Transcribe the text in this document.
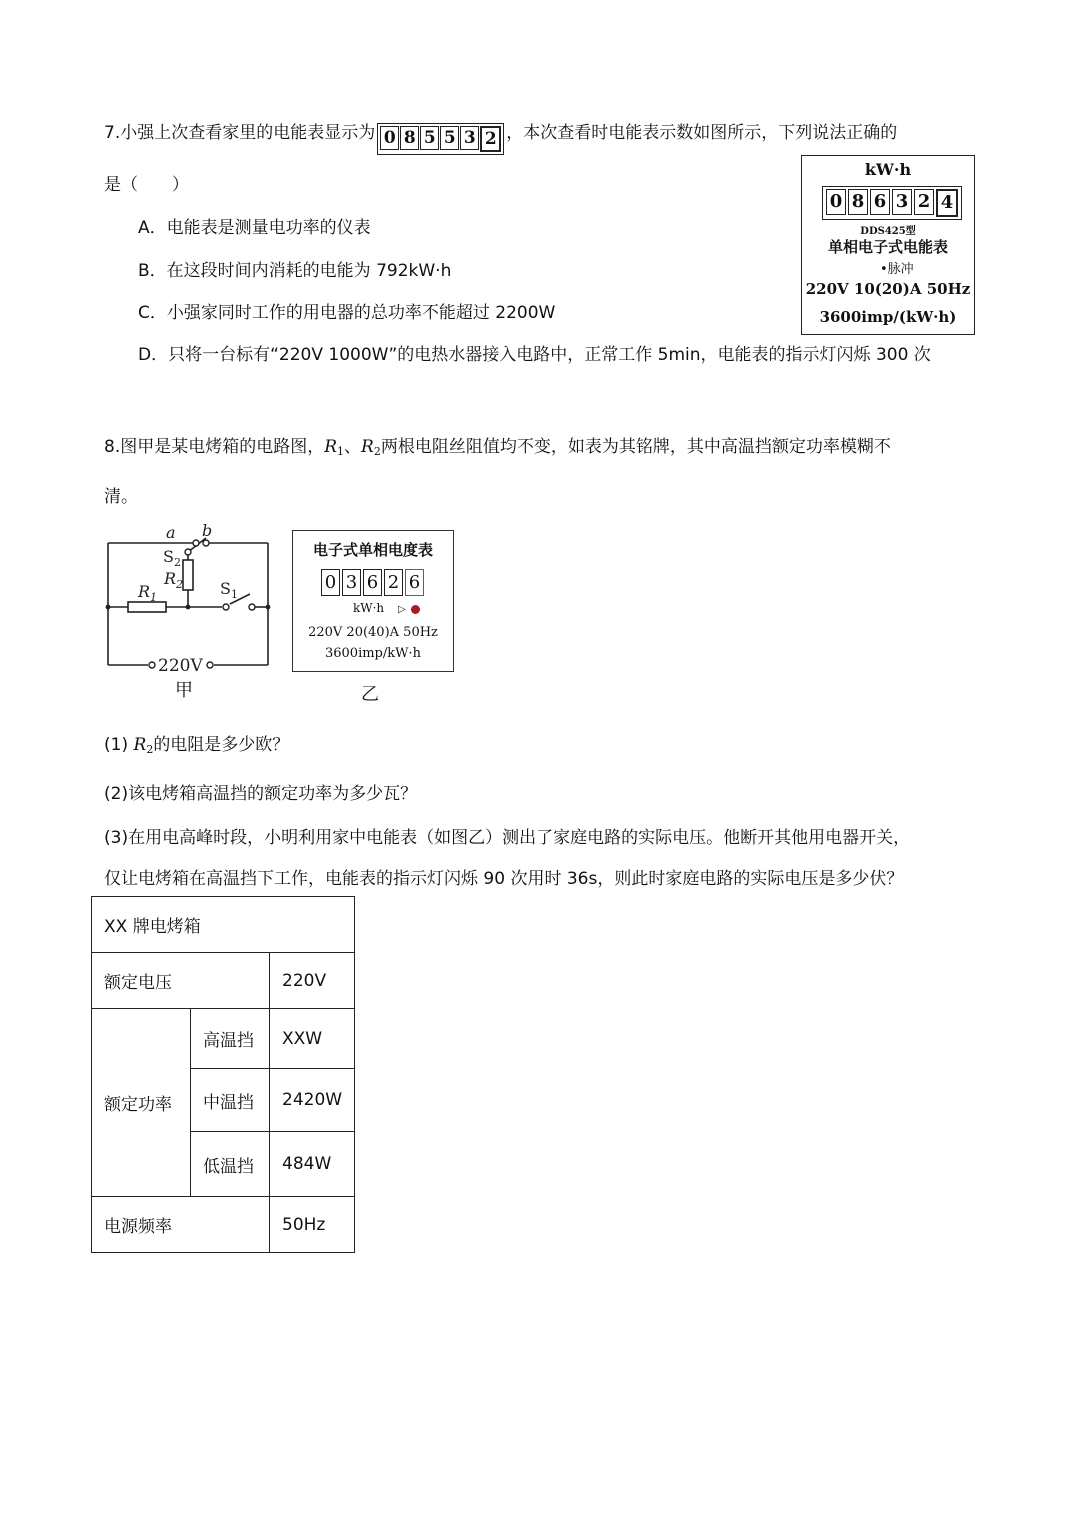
7.小强上次查看家里的电能表显示为 0 8 5 5 3 2 ，本次查看时电能表示数如图所示，下列说法正确的
是（　　）
A．电能表是测量电功率的仪表
B．在这段时间内消耗的电能为 792kW·h
C．小强家同时工作的用电器的总功率不能超过 2200W
D．只将一台标有“220V 1000W”的电热水器接入电路中，正常工作 5min，电能表的指示灯闪烁 300 次
kW·h
0 8 6 3 2 4
DDS425型
单相电子式电能表
•脉冲
220V 10(20)A 50Hz
3600imp/(kW·h)
8.图甲是某电烤箱的电路图，$R_1$、$R_2$两根电阻丝阻值均不变，如表为其铭牌，其中高温挡额定功率模糊不
清。
a b
$S_2$
$R_2$
$R_1$	$S_1$
220V
甲
电子式单相电度表
0 3 6 2 6
kW·h ▷
220V 20(40)A 50Hz
3600imp/kW·h
乙
(1) $R_2$的电阻是多少欧？
(2)该电烤箱高温挡的额定功率为多少瓦？
(3)在用电高峰时段，小明利用家中电能表（如图乙）测出了家庭电路的实际电压。他断开其他用电器开关，
仅让电烤箱在高温挡下工作，电能表的指示灯闪烁 90 次用时 36s，则此时家庭电路的实际电压是多少伏？
XX 牌电烤箱		
额定电压		220V
额定功率	高温挡	XXW
	中温挡	2420W
	低温挡	484W
电源频率		50Hz
